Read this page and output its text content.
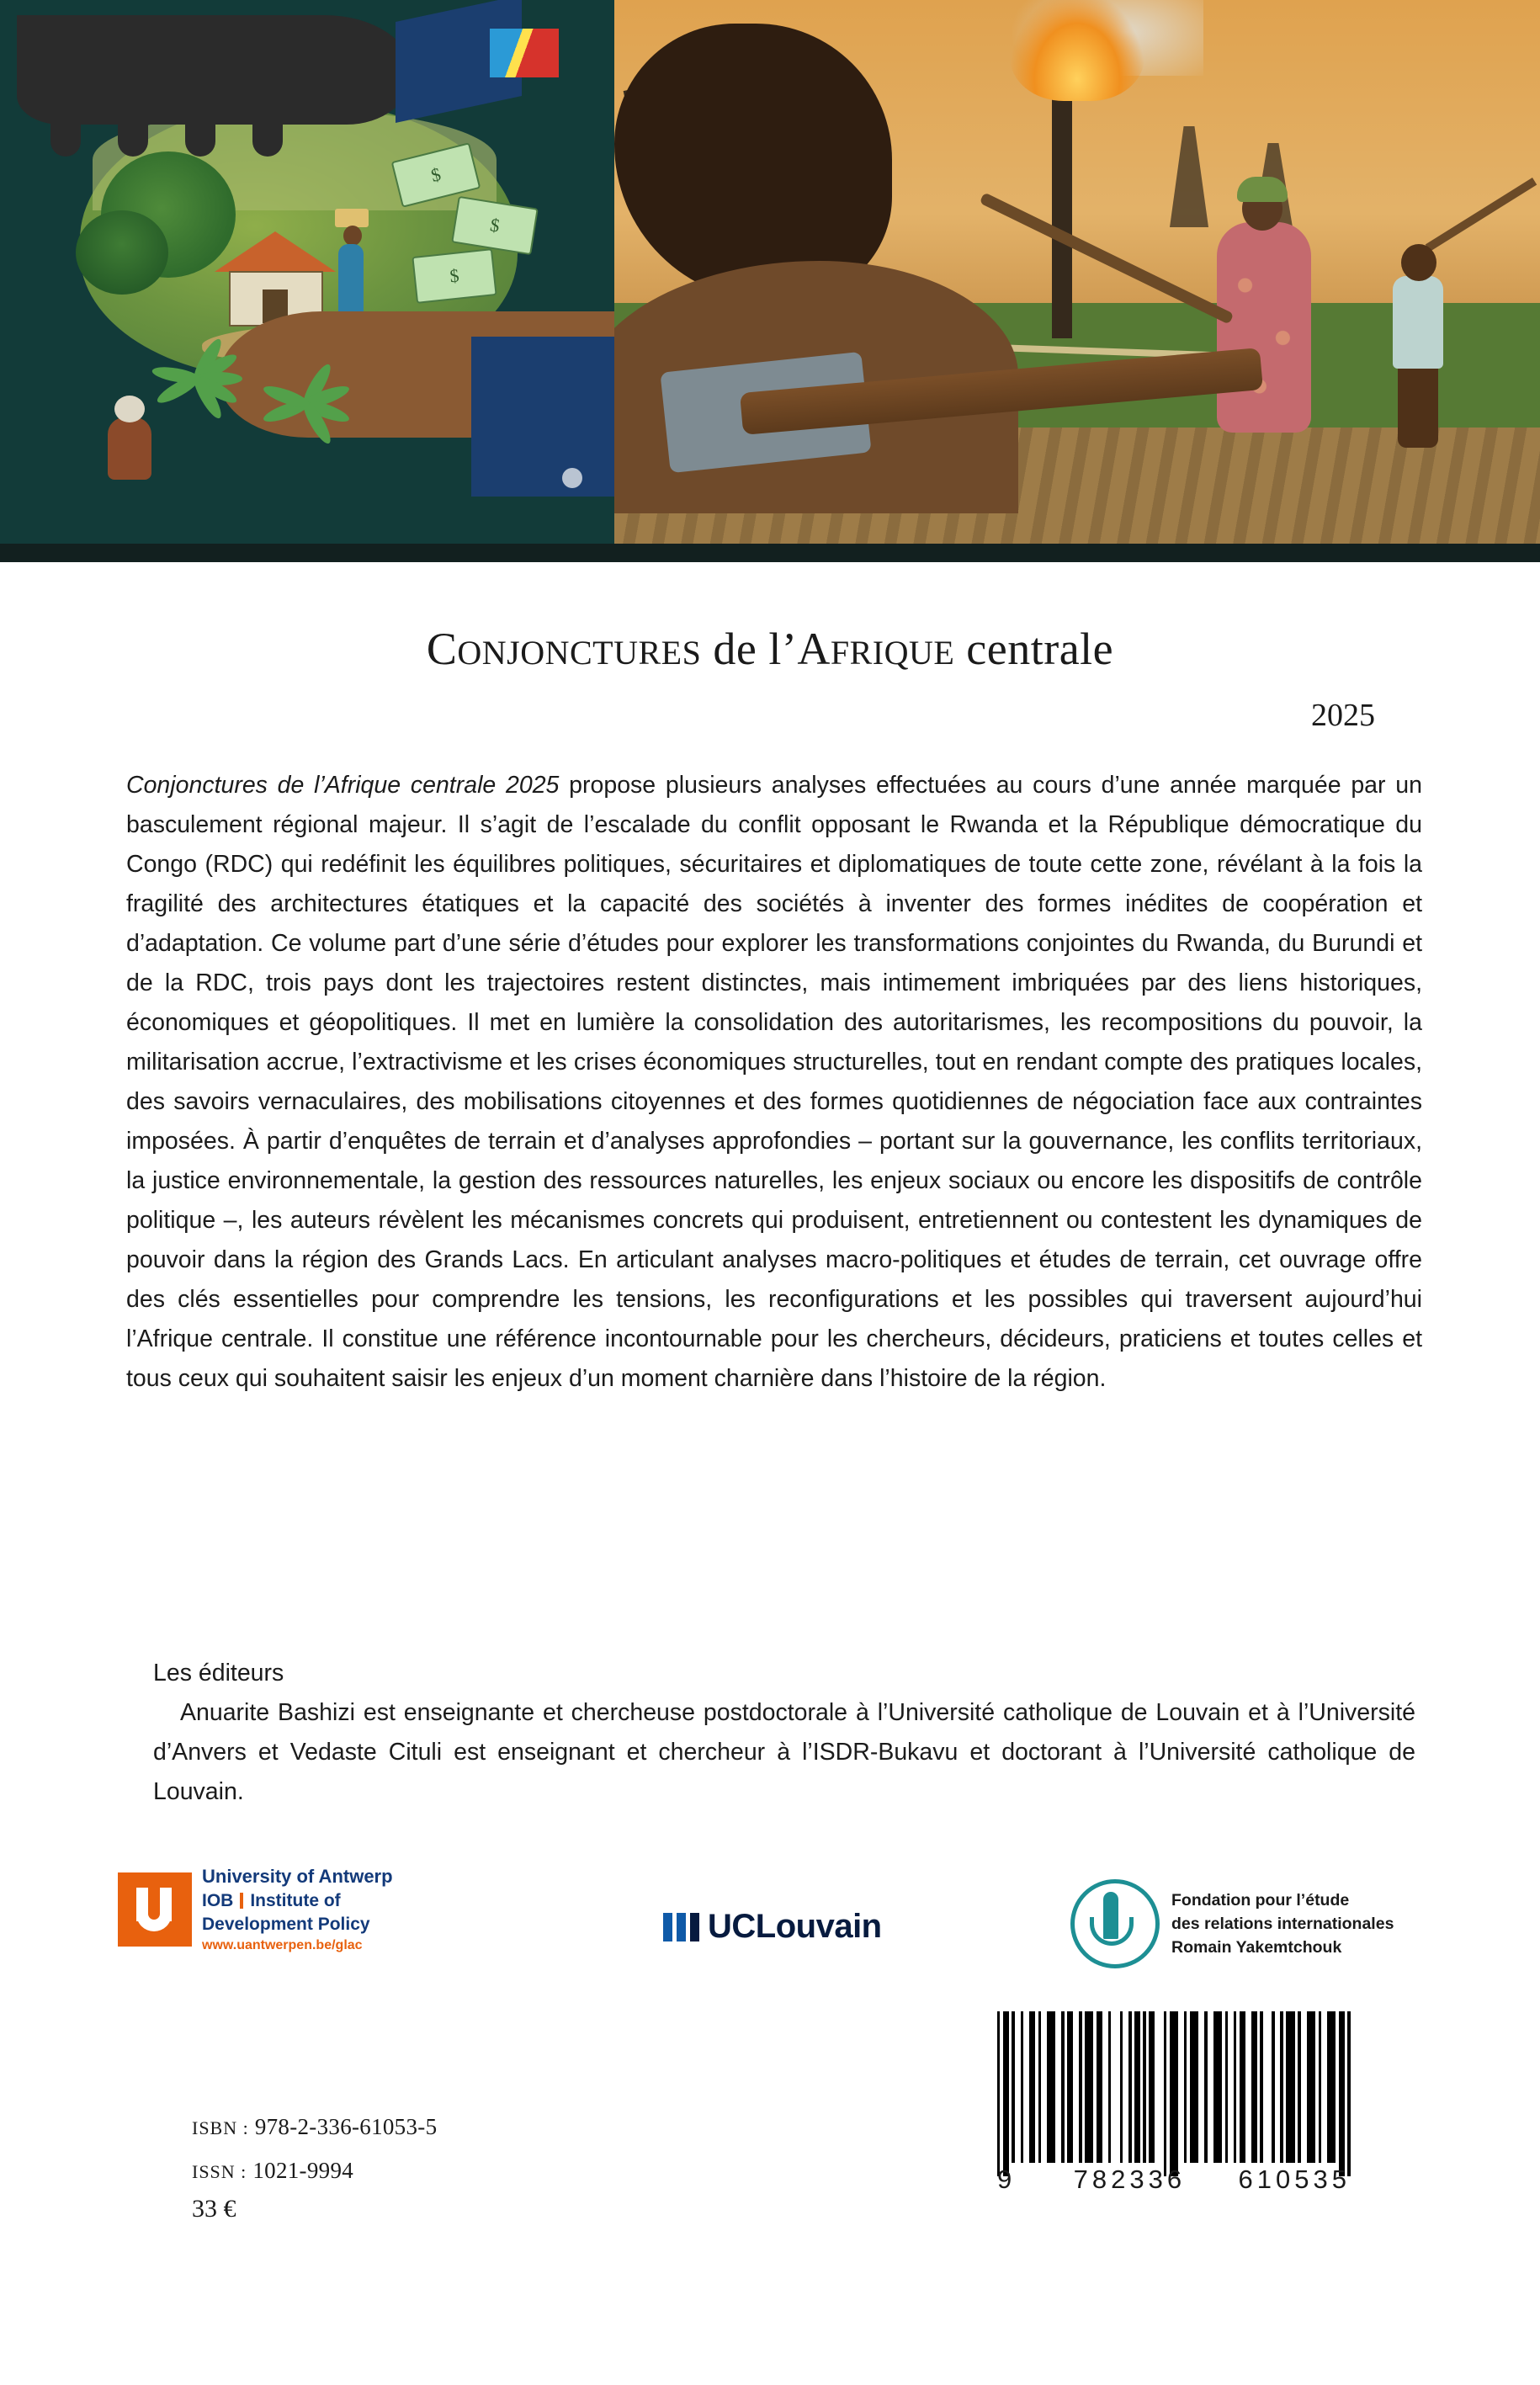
$
$
$
CONJONCTURES de l’AFRIQUE centrale
2025
Conjonctures de l’Afrique centrale 2025 propose plusieurs analyses effectuées au cours d’une année marquée par un basculement régional majeur. Il s’agit de l’escalade du conflit opposant le Rwanda et la République démocratique du Congo (RDC) qui redéfinit les équilibres politiques, sécuritaires et diplomatiques de toute cette zone, révélant à la fois la fragilité des architectures étatiques et la capacité des sociétés à inventer des formes inédites de coopération et d’adaptation. Ce volume part d’une série d’études pour explorer les transformations conjointes du Rwanda, du Burundi et de la RDC, trois pays dont les trajectoires restent distinctes, mais intimement imbriquées par des liens historiques, économiques et géopolitiques. Il met en lumière la consolidation des autoritarismes, les recompositions du pouvoir, la militarisation accrue, l’extractivisme et les crises économiques structurelles, tout en rendant compte des pratiques locales, des savoirs vernaculaires, des mobilisations citoyennes et des formes quotidiennes de négociation face aux contraintes imposées. À partir d’enquêtes de terrain et d’analyses approfondies – portant sur la gouvernance, les conflits territoriaux, la justice environnementale, la gestion des ressources naturelles, les enjeux sociaux ou encore les dispositifs de contrôle politique –, les auteurs révèlent les mécanismes concrets qui produisent, entretiennent ou contestent les dynamiques de pouvoir dans la région des Grands Lacs. En articulant analyses macro-politiques et études de terrain, cet ouvrage offre des clés essentielles pour comprendre les tensions, les reconfigurations et les possibles qui traversent aujourd’hui l’Afrique centrale. Il constitue une référence incontournable pour les chercheurs, décideurs, praticiens et toutes celles et tous ceux qui souhaitent saisir les enjeux d’un moment charnière dans l’histoire de la région.
Les éditeurs
Anuarite Bashizi est enseignante et chercheuse postdoctorale à l’Université catholique de Louvain et à l’Université d’Anvers et Vedaste Cituli est enseignant et chercheur à l’ISDR-Bukavu et doctorant à l’Université catholique de Louvain.
University of Antwerp
IOB Institute of
Development Policy
www.uantwerpen.be/glac
UCLouvain
Fondation pour l’étude
des relations internationales
Romain Yakemtchouk
ISBN : 978-2-336-61053-5
ISSN : 1021-9994
33 €
9 782336 610535
